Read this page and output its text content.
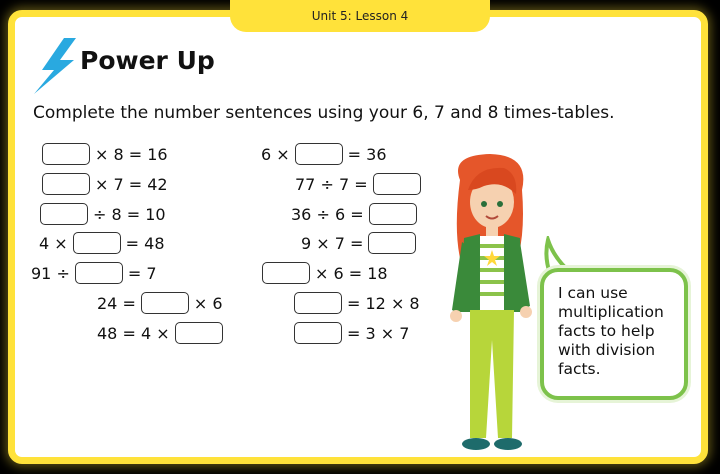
Unit 5: Lesson 4
Power Up
Complete the number sentences using your 6, 7 and 8 times-tables.
× 8 = 16
× 7 = 42
÷ 8 = 10
4 ×	= 48
91 ÷	= 7
24 =	× 6
48 = 4 ×
6 ×	= 36
77 ÷ 7 =
36 ÷ 6 =
9 × 7 =
× 6 = 18
= 12 × 8
= 3 × 7
I can use
multiplication
facts to help
with division
facts.
